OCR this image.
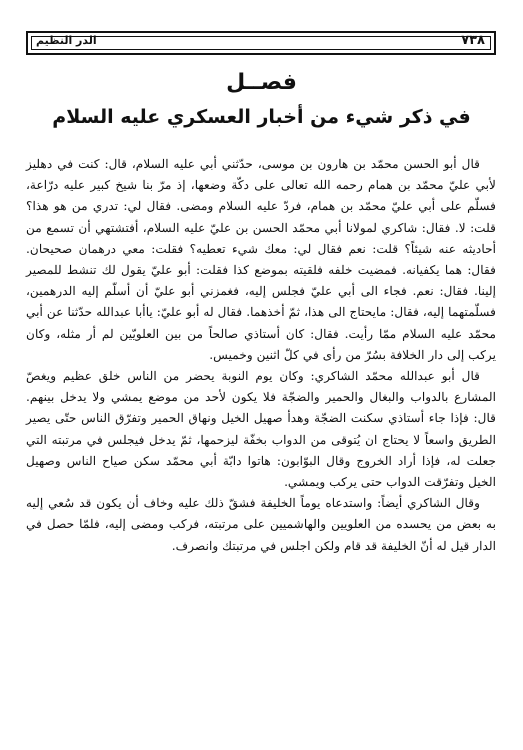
الدر النظيم	٧٣٨
فصــل
في ذكر شيء من أخبار العسكري عليه السلام

قال أبو الحسن محمّد بن هارون بن موسى، حدّثني أبي عليه السلام، قال: كنت في دهليز لأبي عليّ محمّد بن همام رحمه الله تعالى على دكّة وضعها، إذ مرّ بنا شيخ كبير عليه درّاعة، فسلّم على أبي عليّ محمّد بن همام، فردّ عليه السلام ومضى. فقال لي: تدري من هو هذا؟ قلت: لا. فقال: شاكري لمولانا أبي محمّد الحسن بن عليّ عليه السلام، أفتشتهي أن تسمع من أحاديثه عنه شيئاً؟ قلت: نعم فقال لي: معك شيء تعطيه؟ فقلت: معي درهمان صحيحان. فقال: هما يكفيانه. فمضيت خلفه فلقيته بموضع كذا فقلت: أبو عليّ يقول لك تنشط للمصير إلينا. فقال: نعم. فجاء الى أبي عليّ فجلس إليه، فغمزني أبو عليّ أن أسلّم إليه الدرهمين، فسلّمتهما إليه، فقال: مايحتاج الى هذا، ثمّ أخذهما. فقال له أبو عليّ: ياأبا عبدالله حدّثنا عن أبي محمّد عليه السلام ممّا رأيت. فقال: كان أستاذي صالحاً من بين العلويّين لم أر مثله، وكان يركب إلى دار الخلافة بسُرّ من رأى في كلّ اثنين وخميس.

قال أبو عبدالله محمّد الشاكري: وكان يوم النوبة يحضر من الناس خلق عظيم ويغصّ المشارع بالدواب والبغال والحمير والضجّة فلا يكون لأحد من موضع يمشي ولا يدخل بينهم. قال: فإذا جاء أستاذي سكنت الضجّة وهدأ صهيل الخيل ونهاق الحمير وتفرّق الناس حتّى يصير الطريق واسعاً لا يحتاج ان يُتوقى من الدواب بخفّة ليزحمها، ثمّ يدخل فيجلس في مرتبته التي جعلت له، فإذا أراد الخروج وقال البوّابون: هاتوا دابّة أبي محمّد سكن صياح الناس وصهيل الخيل وتفرّقت الدواب حتى يركب ويمشي.

وقال الشاكري أيضاً: واستدعاه يوماً الخليفة فشقّ ذلك عليه وخاف أن يكون قد سُعي إليه به بعض من يحسده من العلويين والهاشميين على مرتبته، فركب ومضى إليه، فلمّا حصل في الدار قيل له أنّ الخليفة قد قام ولكن اجلس في مرتبتك وانصرف.
